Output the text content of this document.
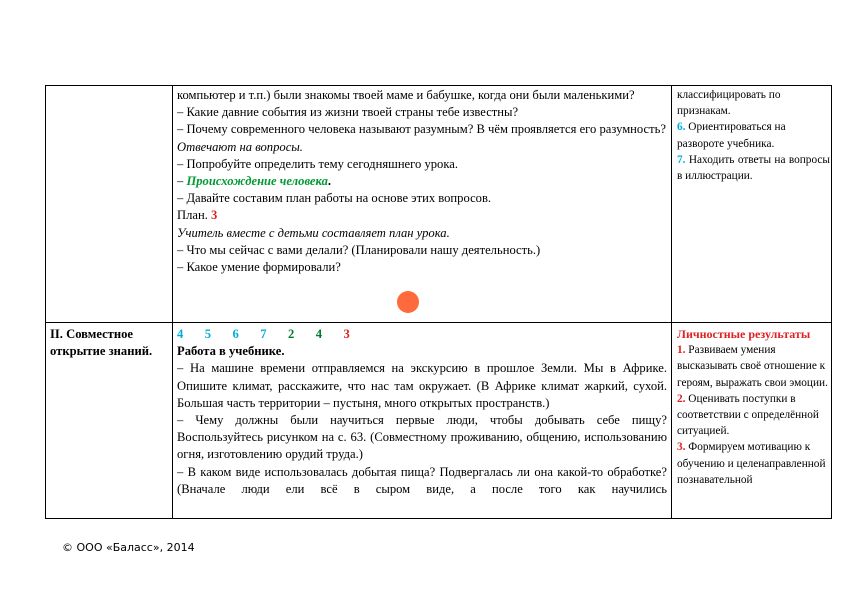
компьютер и т.п.) были знакомы твоей маме и бабушке, когда они были маленькими?

– Какие давние события из жизни твоей страны тебе известны?

– Почему современного человека называют разумным? В чём проявляется его разумность?

Отвечают на вопросы.

– Попробуйте определить тему сегодняшнего урока.

– Происхождение человека.

– Давайте составим план работы на основе этих вопросов.

План. 3

Учитель вместе с детьми составляет план урока.

– Что мы сейчас с вами делали? (Планировали нашу деятельность.)

– Какое умение формировали?

классифицировать по признакам.

6. Ориентироваться на развороте учебника.

7. Находить ответы на вопросы в иллюстрации.

II. Совместное открытие знаний.

4 5 6 7 2 4 3

Работа в учебнике.

– На машине времени отправляемся на экскурсию в прошлое Земли. Мы в Африке. Опишите климат, расскажите, что нас там окружает. (В Африке климат жаркий, сухой. Большая часть территории – пустыня, много открытых пространств.)

– Чему должны были научиться первые люди, чтобы добывать себе пищу? Воспользуйтесь рисунком на с. 63. (Совместному проживанию, общению, использованию огня, изготовлению орудий труда.)

– В каком виде использовалась добытая пища? Подвергалась ли она какой-то обработке? (Вначале люди ели всё в сыром виде, а после того как научились

Личностные результаты

1. Развиваем умения высказывать своё отношение к героям, выражать свои эмоции.

2. Оценивать поступки в соответствии с определённой ситуацией.

3. Формируем мотивацию к обучению и целенаправленной познавательной

© ООО «Баласс», 2014
